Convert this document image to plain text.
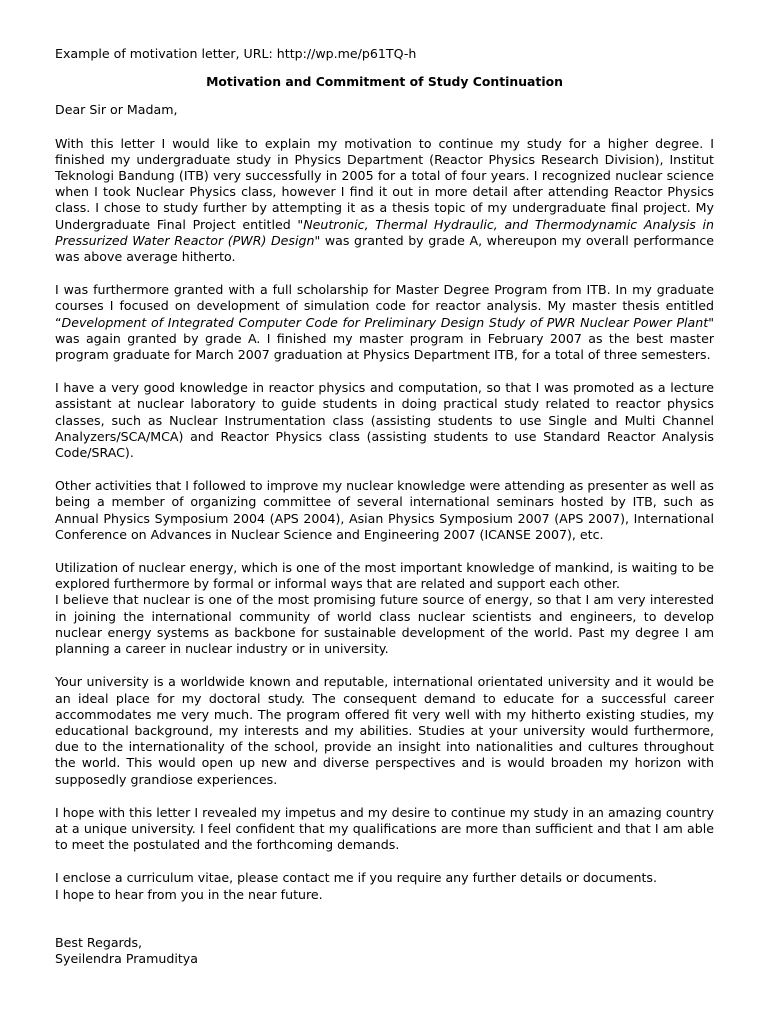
Example of motivation letter, URL: http://wp.me/p61TQ-h

Motivation and Commitment of Study Continuation

Dear Sir or Madam,

With this letter I would like to explain my motivation to continue my study for a higher degree. I finished my undergraduate study in Physics Department (Reactor Physics Research Division), Institut Teknologi Bandung (ITB) very successfully in 2005 for a total of four years. I recognized nuclear science when I took Nuclear Physics class, however I find it out in more detail after attending Reactor Physics class. I chose to study further by attempting it as a thesis topic of my undergraduate final project. My Undergraduate Final Project entitled "Neutronic, Thermal Hydraulic, and Thermodynamic Analysis in Pressurized Water Reactor (PWR) Design" was granted by grade A, whereupon my overall performance was above average hitherto.

I was furthermore granted with a full scholarship for Master Degree Program from ITB. In my graduate courses I focused on development of simulation code for reactor analysis. My master thesis entitled “Development of Integrated Computer Code for Preliminary Design Study of PWR Nuclear Power Plant" was again granted by grade A. I finished my master program in February 2007 as the best master program graduate for March 2007 graduation at Physics Department ITB, for a total of three semesters.

I have a very good knowledge in reactor physics and computation, so that I was promoted as a lecture assistant at nuclear laboratory to guide students in doing practical study related to reactor physics classes, such as Nuclear Instrumentation class (assisting students to use Single and Multi Channel Analyzers/SCA/MCA) and Reactor Physics class (assisting students to use Standard Reactor Analysis Code/SRAC).

Other activities that I followed to improve my nuclear knowledge were attending as presenter as well as being a member of organizing committee of several international seminars hosted by ITB, such as Annual Physics Symposium 2004 (APS 2004), Asian Physics Symposium 2007 (APS 2007), International Conference on Advances in Nuclear Science and Engineering 2007 (ICANSE 2007), etc.

Utilization of nuclear energy, which is one of the most important knowledge of mankind, is waiting to be explored furthermore by formal or informal ways that are related and support each other.

I believe that nuclear is one of the most promising future source of energy, so that I am very interested in joining the international community of world class nuclear scientists and engineers, to develop nuclear energy systems as backbone for sustainable development of the world. Past my degree I am planning a career in nuclear industry or in university.

Your university is a worldwide known and reputable, international orientated university and it would be an ideal place for my doctoral study. The consequent demand to educate for a successful career accommodates me very much. The program offered fit very well with my hitherto existing studies, my educational background, my interests and my abilities. Studies at your university would furthermore, due to the internationality of the school, provide an insight into nationalities and cultures throughout the world. This would open up new and diverse perspectives and is would broaden my horizon with supposedly grandiose experiences.

I hope with this letter I revealed my impetus and my desire to continue my study in an amazing country at a unique university. I feel confident that my qualifications are more than sufficient and that I am able to meet the postulated and the forthcoming demands.

I enclose a curriculum vitae, please contact me if you require any further details or documents.

I hope to hear from you in the near future.

Best Regards,
Syeilendra Pramuditya
